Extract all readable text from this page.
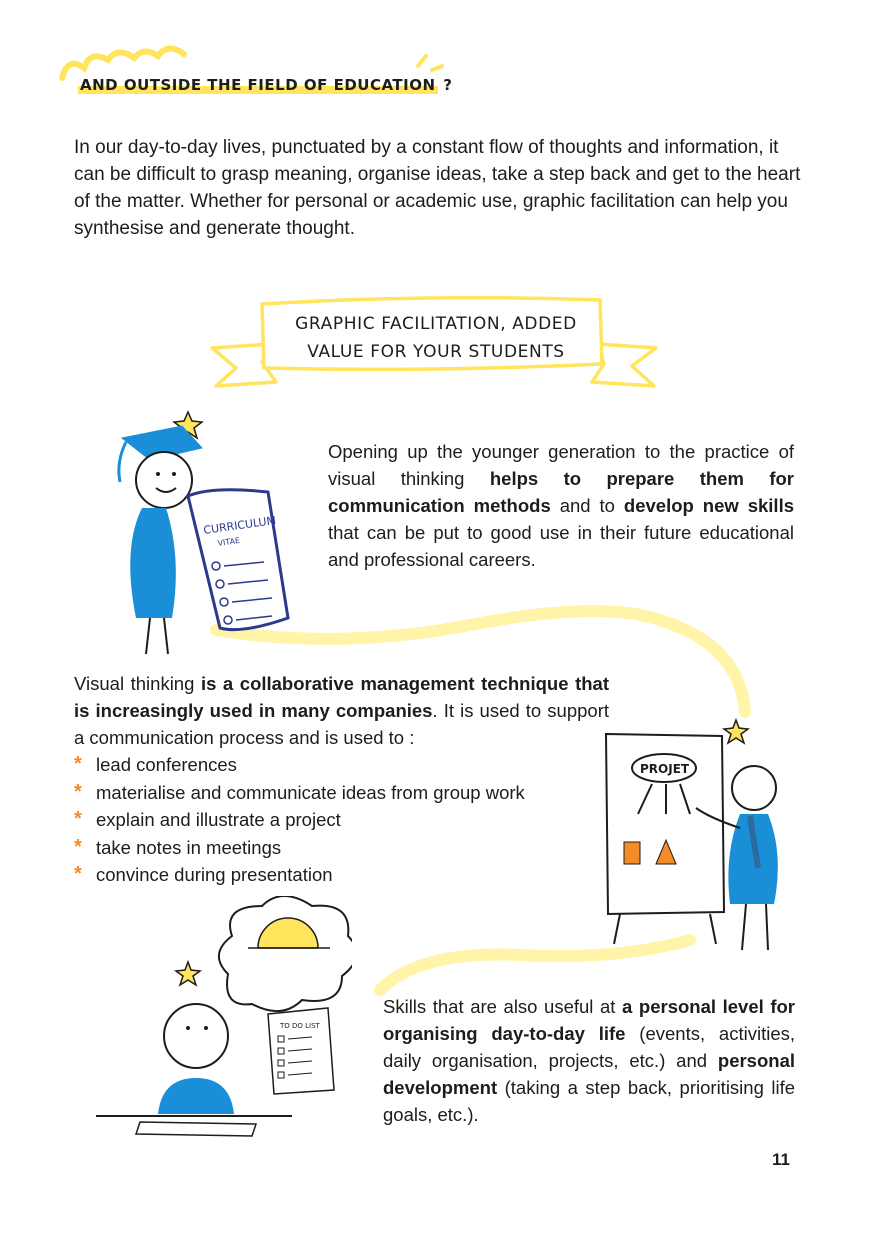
CURRICULUM
VITAE
PROJET
TO DO LIST
AND OUTSIDE THE FIELD OF EDUCATION ?
In our day-to-day lives, punctuated by a constant flow of thoughts and information, it can be difficult to grasp meaning, organise ideas, take a step back and get to the heart of the matter. Whether for personal or academic use, graphic facilitation can help you synthesise and generate thought.
GRAPHIC FACILITATION, ADDED
VALUE FOR YOUR STUDENTS
Opening up the younger generation to the practice of visual thinking helps to prepare them for communication methods and to develop new skills that can be put to good use in their future educational and professional careers.
Visual thinking is a collaborative management technique that is increasingly used in many companies. It is used to support a communication process and is used to :
* lead conferences
* materialise and communicate ideas from group work
* explain and illustrate a project
* take notes in meetings
* convince during presentation
Skills that are also useful at a personal level for organising day-to-day life (events, activities, daily organisation, projects, etc.) and personal development (taking a step back, prioritising life goals, etc.).
11
